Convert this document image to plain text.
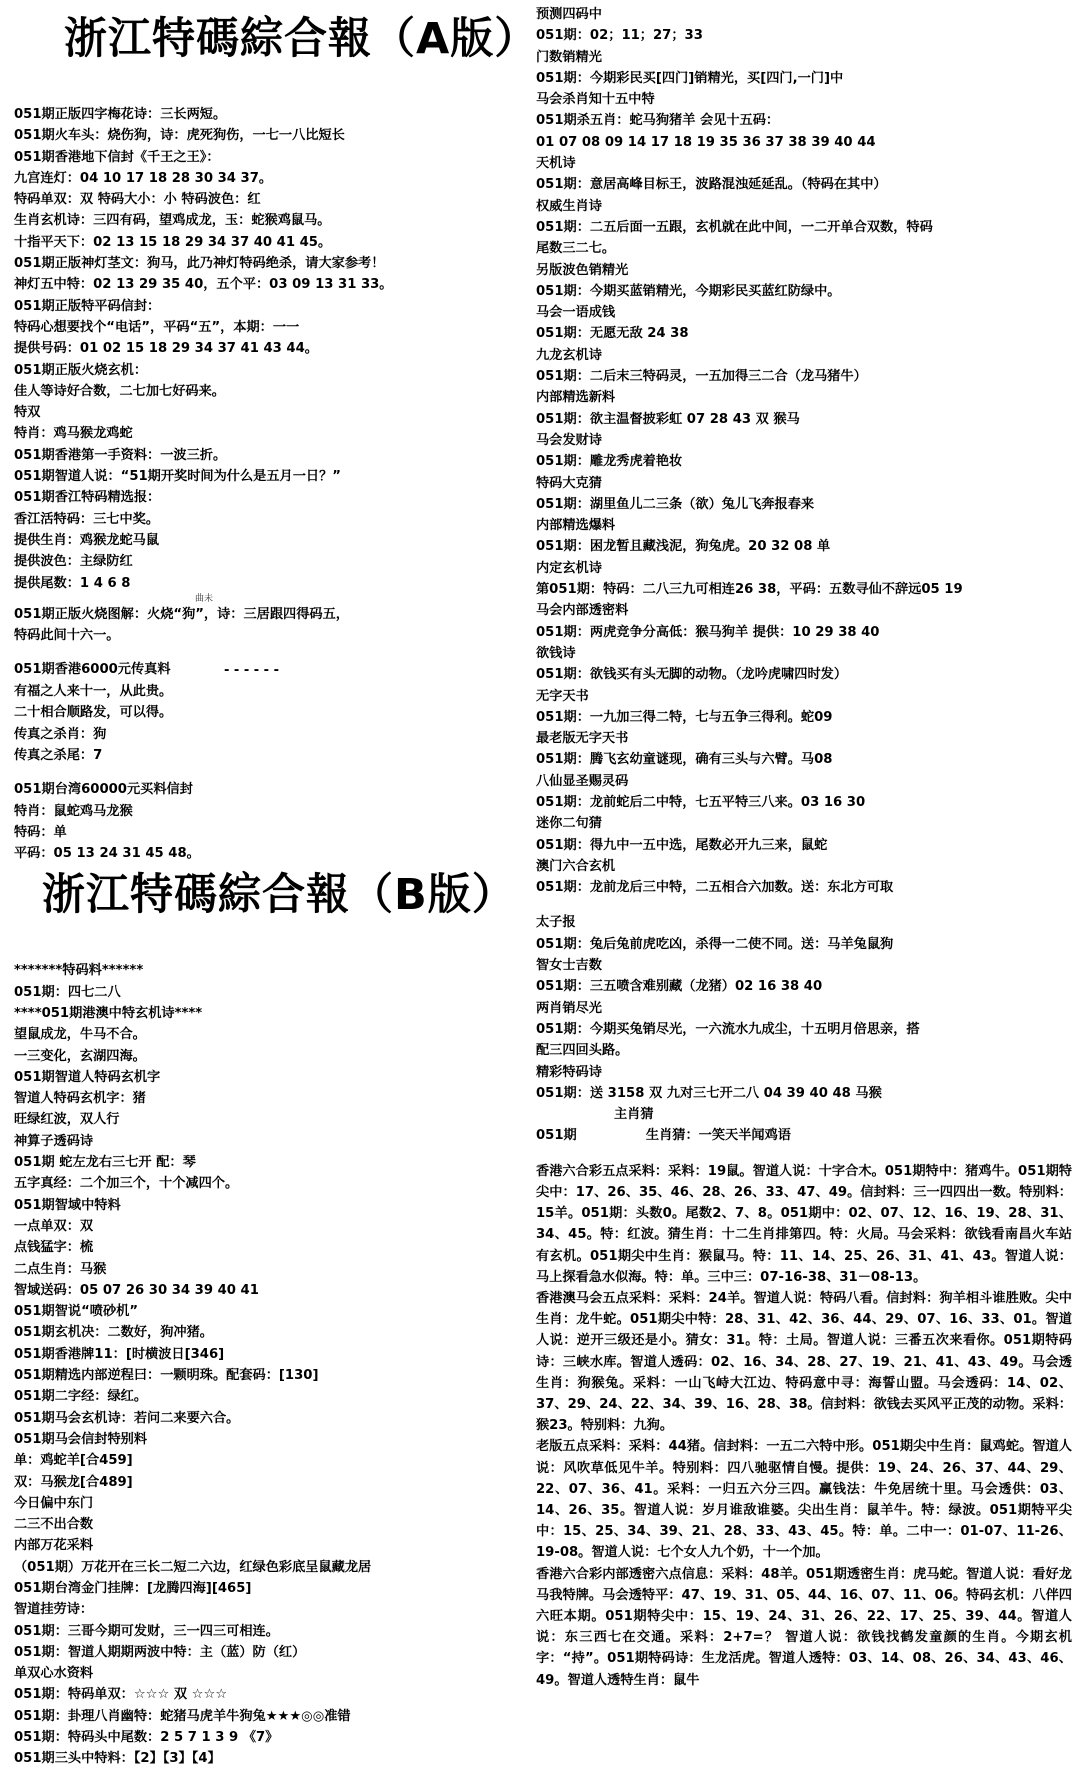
浙江特碼綜合報（A版）
051期正版四字梅花诗：三长两短。
051期火车头：烧伤狗，诗：虎死狗伤，一七一八比短长
051期香港地下信封《千王之王》：
九宫连灯：04 10 17 18 28 30 34 37。
特码单双：双 特码大小：小 特码波色：红
生肖玄机诗：三四有码，望鸡成龙，玉：蛇猴鸡鼠马。
十指平天下：02 13 15 18 29 34 37 40 41 45。
051期正版神灯茎文：狗马，此乃神灯特码绝杀，请大家参考！
神灯五中特：02 13 29 35 40，五个平：03 09 13 31 33。
051期正版特平码信封：
特码心想要找个“电话”，平码“五”，本期：一一
提供号码：01 02 15 18 29 34 37 41 43 44。
051期正版火烧玄机：
佳人等诗好合数，二七加七好码来。
特双
特肖：鸡马猴龙鸡蛇
051期香港第一手资料：一波三折。
051期智道人说：“51期开奖时间为什么是五月一日？”
051期香江特码精选报：
香江活特码：三七中奖。
提供生肖：鸡猴龙蛇马鼠
提供波色：主绿防红
提供尾数：1 4 6 8
曲未
051期正版火烧图解：火烧“狗”，诗：三居跟四得码五，
特码此间十六一。
051期香港6000元传真料
有福之人来十一，从此贵。
二十相合顺路发，可以得。
- - - - - -
传真之杀肖：狗
传真之杀尾：7
051期台湾60000元买料信封
特肖：鼠蛇鸡马龙猴
特码：单
平码：05 13 24 31 45 48。
浙江特碼綜合報（B版）
*******特码料******
051期：四七二八
****051期港澳中特玄机诗****
望鼠成龙，牛马不合。
一三变化，玄湖四海。
051期智道人特码玄机字
智道人特码玄机字：猪
旺绿红波，双人行
神算子透码诗
051期 蛇左龙右三七开 配：琴
五字真经：二个加三个，十个减四个。
051期智域中特料
一点单双：双
点钱猛字：梳
二点生肖：马猴
智域送码：05 07 26 30 34 39 40 41
051期智说“喷砂机”
051期玄机决：二数好，狗冲猪。
051期香港牌11：[时横波日[346]
051期精选内部逆程曰：一颗明珠。配套码：[130]
051期二字经：绿红。
051期马会玄机诗：若问二来要六合。
051期马会信封特别料
单：鸡蛇羊[合459]
双：马猴龙[合489]
今日偏中东门
二三不出合数
内部万花采料
（051期）万花开在三长二短二六边，红绿色彩底呈鼠藏龙居
051期台湾金门挂牌：[龙腾四海][465]
智道挂劳诗：
051期：三哥今期可发财，三一四三可相连。
051期：智道人期期两波中特：主（蓝）防（红）
单双心水资料
051期：特码单双：☆☆☆ 双 ☆☆☆
051期：卦理八肖幽特：蛇猪马虎羊牛狗兔★★★◎◎准错
051期：特码头中尾数：2 5 7 1 3 9 《7》
051期三头中特料：【2】【3】【4】
预测四码中
051期：02；11；27；33
门数销精光
051期：今期彩民买[四门]销精光，买[四门,一门]中
马会杀肖知十五中特
051期杀五肖：蛇马狗猪羊 会见十五码：
01 07 08 09 14 17 18 19 35 36 37 38 39 40 44
天机诗
051期：意居高峰目标王，波路混浊延延乱。（特码在其中）
权威生肖诗
051期：二五后面一五跟，玄机就在此中间，一二开单合双数，特码
尾数三二七。
另版波色销精光
051期：今期买蓝销精光，今期彩民买蓝红防绿中。
马会一语成钱
051期：无愿无敌 24 38
九龙玄机诗
051期：二后末三特码灵，一五加得三二合（龙马猪牛）
内部精选新料
051期：欲主温督披彩虹 07 28 43 双 猴马
马会发财诗
051期：雕龙秀虎着艳妆
特码大克猜
051期：湖里鱼儿二三条（欲）兔儿飞奔报春来
内部精选爆料
051期：困龙暂且藏浅泥，狗兔虎。20 32 08 单
内定玄机诗
第051期：特码：二八三九可相连26 38，平码：五数寻仙不辞远05 19
马会内部透密料
051期：两虎竞争分高低：猴马狗羊 提供：10 29 38 40
欲钱诗
051期：欲钱买有头无脚的动物。（龙吟虎啸四时发）
无字天书
051期：一九加三得二特，七与五争三得利。蛇09
最老版无字天书
051期：腾飞玄幼童谜现，确有三头与六臂。马08
八仙显圣赐灵码
051期：龙前蛇后二中特，七五平特三八来。03 16 30
迷你二句猜
051期：得九中一五中选，尾数必开九三来，鼠蛇
澳门六合玄机
051期：龙前龙后三中特，二五相合六加数。送：东北方可取
太子报
051期：兔后兔前虎吃凶，杀得一二使不同。送：马羊兔鼠狗
智女士吉数
051期：三五喷含难别藏（龙猪）02 16 38 40
两肖销尽光
051期：今期买兔销尽光，一六流水九成尘，十五明月倍思亲，搭
配三四回头路。
精彩特码诗
051期：送 3158 双 九对三七开二八 04 39 40 48 马猴
主肖猜
051期	生肖猜：一笑天半闻鸡语

香港六合彩五点采料：采料：19鼠。智道人说：十字合木。051期特中：猪鸡牛。051期特尖中：17、26、35、46、28、26、33、47、49。信封料：三一四四出一数。特别料：15羊。051期：头数0。尾数2、7、8。051期中：02、07、12、16、19、28、31、34、45。特：红波。猜生肖：十二生肖排第四。特：火局。马会采料：欲钱看南昌火车站有玄机。051期尖中生肖：猴鼠马。特：11、14、25、26、31、41、43。智道人说：马上探看急水似海。特：单。三中三：07-16-38、31－08-13。

香港澳马会五点采料：采料：24羊。智道人说：特码八看。信封料：狗羊相斗谁胜败。尖中生肖：龙牛蛇。051期尖中特：28、31、42、36、44、29、07、16、33、01。智道人说：逆开三级还是小。猜女：31。特：土局。智道人说：三番五次来看你。051期特码诗：三峡水库。智道人透码：02、16、34、28、27、19、21、41、43、49。马会透生肖：狗猴兔。采料：一山飞峙大江边、特码意中寻：海誓山盟。马会透码：14、02、37、29、24、22、34、39、16、28、38。信封料：欲钱去买风平正茂的动物。采料：猴23。特别料：九狗。

老版五点采料：采料：44猪。信封料：一五二六特中形。051期尖中生肖：鼠鸡蛇。智道人说：风吹草低见牛羊。特别料：四八驰驱情自慢。提供：19、24、26、37、44、29、22、07、36、41。采料：一归五六分三四。赢钱法：牛免居统十里。马会透供：03、14、26、35。智道人说：岁月谁敌谁婆。尖出生肖：鼠羊牛。特：绿波。051期特平尖中：15、25、34、39、21、28、33、43、45。特：单。二中一：01-07、11-26、19-08。智道人说：七个女人九个奶，十一个加。

香港六合彩内部透密六点信息：采料：48羊。051期透密生肖：虎马蛇。智道人说：看好龙马我特牌。马会透特平：47、19、31、05、44、16、07、11、06。特码玄机：八伴四六旺本期。051期特尖中：15、19、24、31、26、22、17、25、39、44。智道人说：东三西七在交通。采料：2+7=？ 智道人说：欲钱找鹤发童颜的生肖。今期玄机字：“持”。051期特码诗：生龙活虎。智道人透特：03、14、08、26、34、43、46、49。智道人透特生肖：鼠牛
